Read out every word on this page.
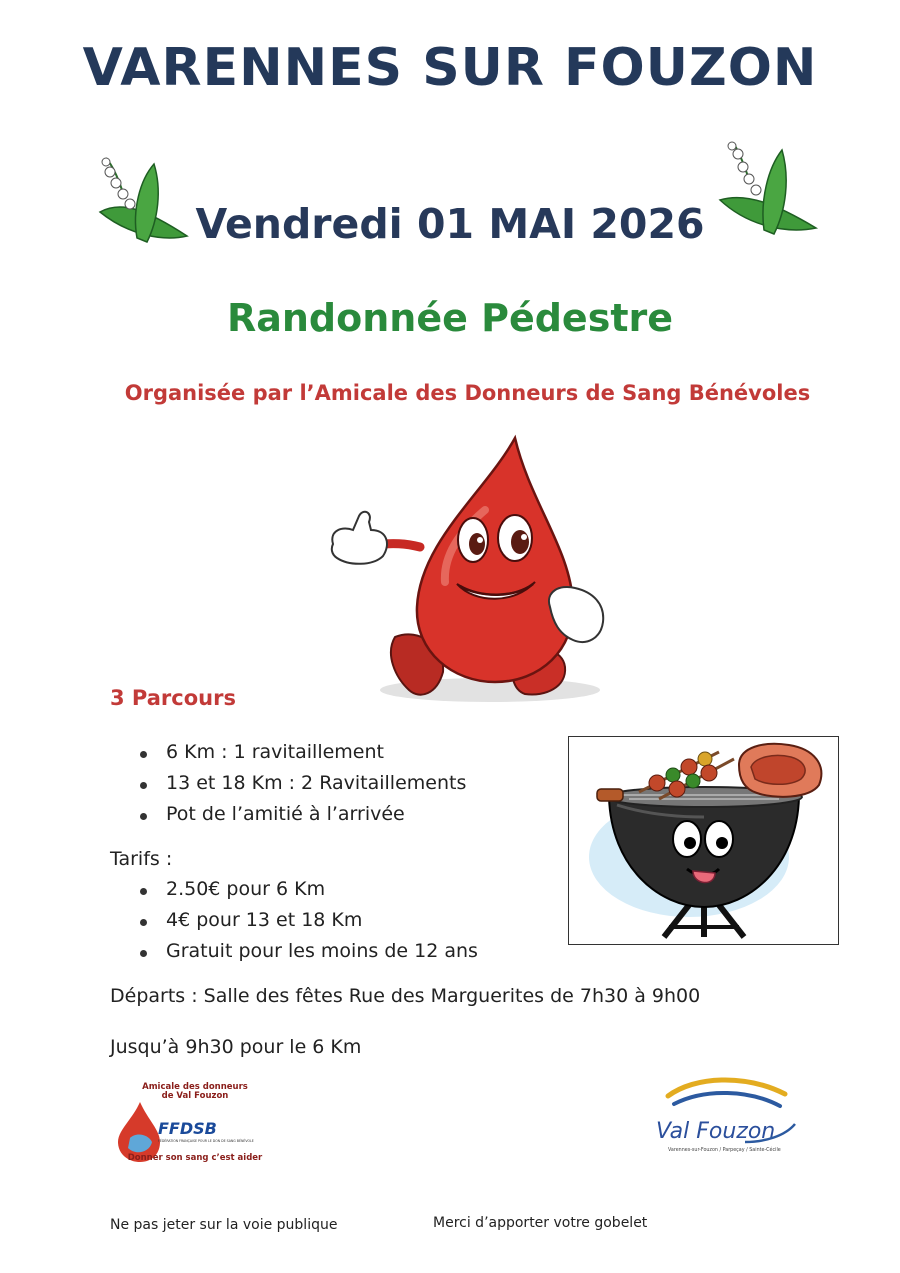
VARENNES SUR FOUZON
Vendredi 01 MAI 2026
Randonnée Pédestre
Organisée par l’Amicale des Donneurs de Sang Bénévoles
3 Parcours
6 Km : 1 ravitaillement
13 et 18 Km : 2 Ravitaillements
Pot de l’amitié à l’arrivée
Tarifs :
2.50€ pour 6 Km
4€ pour 13 et 18 Km
Gratuit pour les moins de 12 ans
Départs : Salle des fêtes Rue des Marguerites de 7h30 à 9h00
Jusqu’à 9h30 pour le 6 Km
Amicale des donneurs
de Val Fouzon
FFDSB
FÉDÉRATION FRANÇAISE POUR LE DON DE SANG BÉNÉVOLE
Donner son sang c’est aider
Val Fouzon
Varennes-sur-Fouzon / Parpeçay / Sainte-Cécile
Ne pas jeter sur la voie publique	Merci d’apporter votre gobelet
